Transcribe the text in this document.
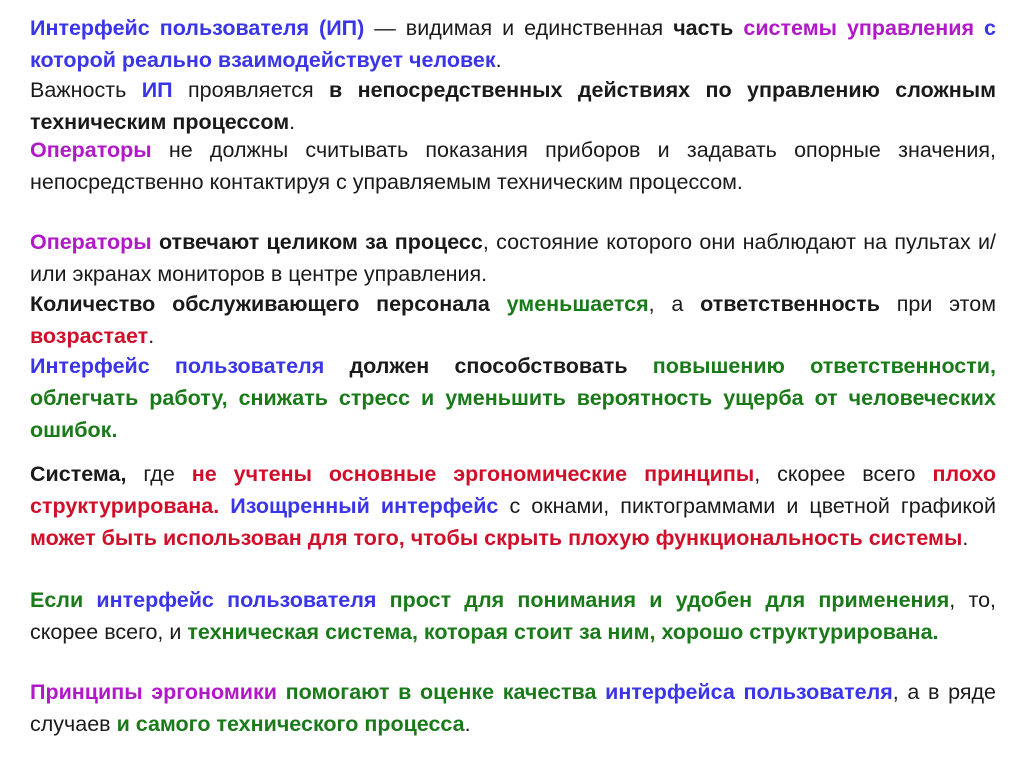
Интерфейс пользователя (ИП) — видимая и единственная часть системы управления с которой реально взаимодействует человек.
Важность ИП проявляется в непосредственных действиях по управлению сложным техническим процессом.
Операторы не должны считывать показания приборов и задавать опорные значения, непосредственно контактируя с управляемым техническим процессом.
Операторы отвечают целиком за процесс, состояние которого они наблюдают на пультах и/или экранах мониторов в центре управления.
Количество обслуживающего персонала уменьшается, а ответственность при этом возрастает.
Интерфейс пользователя должен способствовать повышению ответственности, облегчать работу, снижать стресс и уменьшить вероятность ущерба от человеческих ошибок.
Система, где не учтены основные эргономические принципы, скорее всего плохо структурирована. Изощренный интерфейс с окнами, пиктограммами и цветной графикой может быть использован для того, чтобы скрыть плохую функциональность системы.
Если интерфейс пользователя прост для понимания и удобен для применения, то, скорее всего, и техническая система, которая стоит за ним, хорошо структурирована.
Принципы эргономики помогают в оценке качества интерфейса пользователя, а в ряде случаев и самого технического процесса.
